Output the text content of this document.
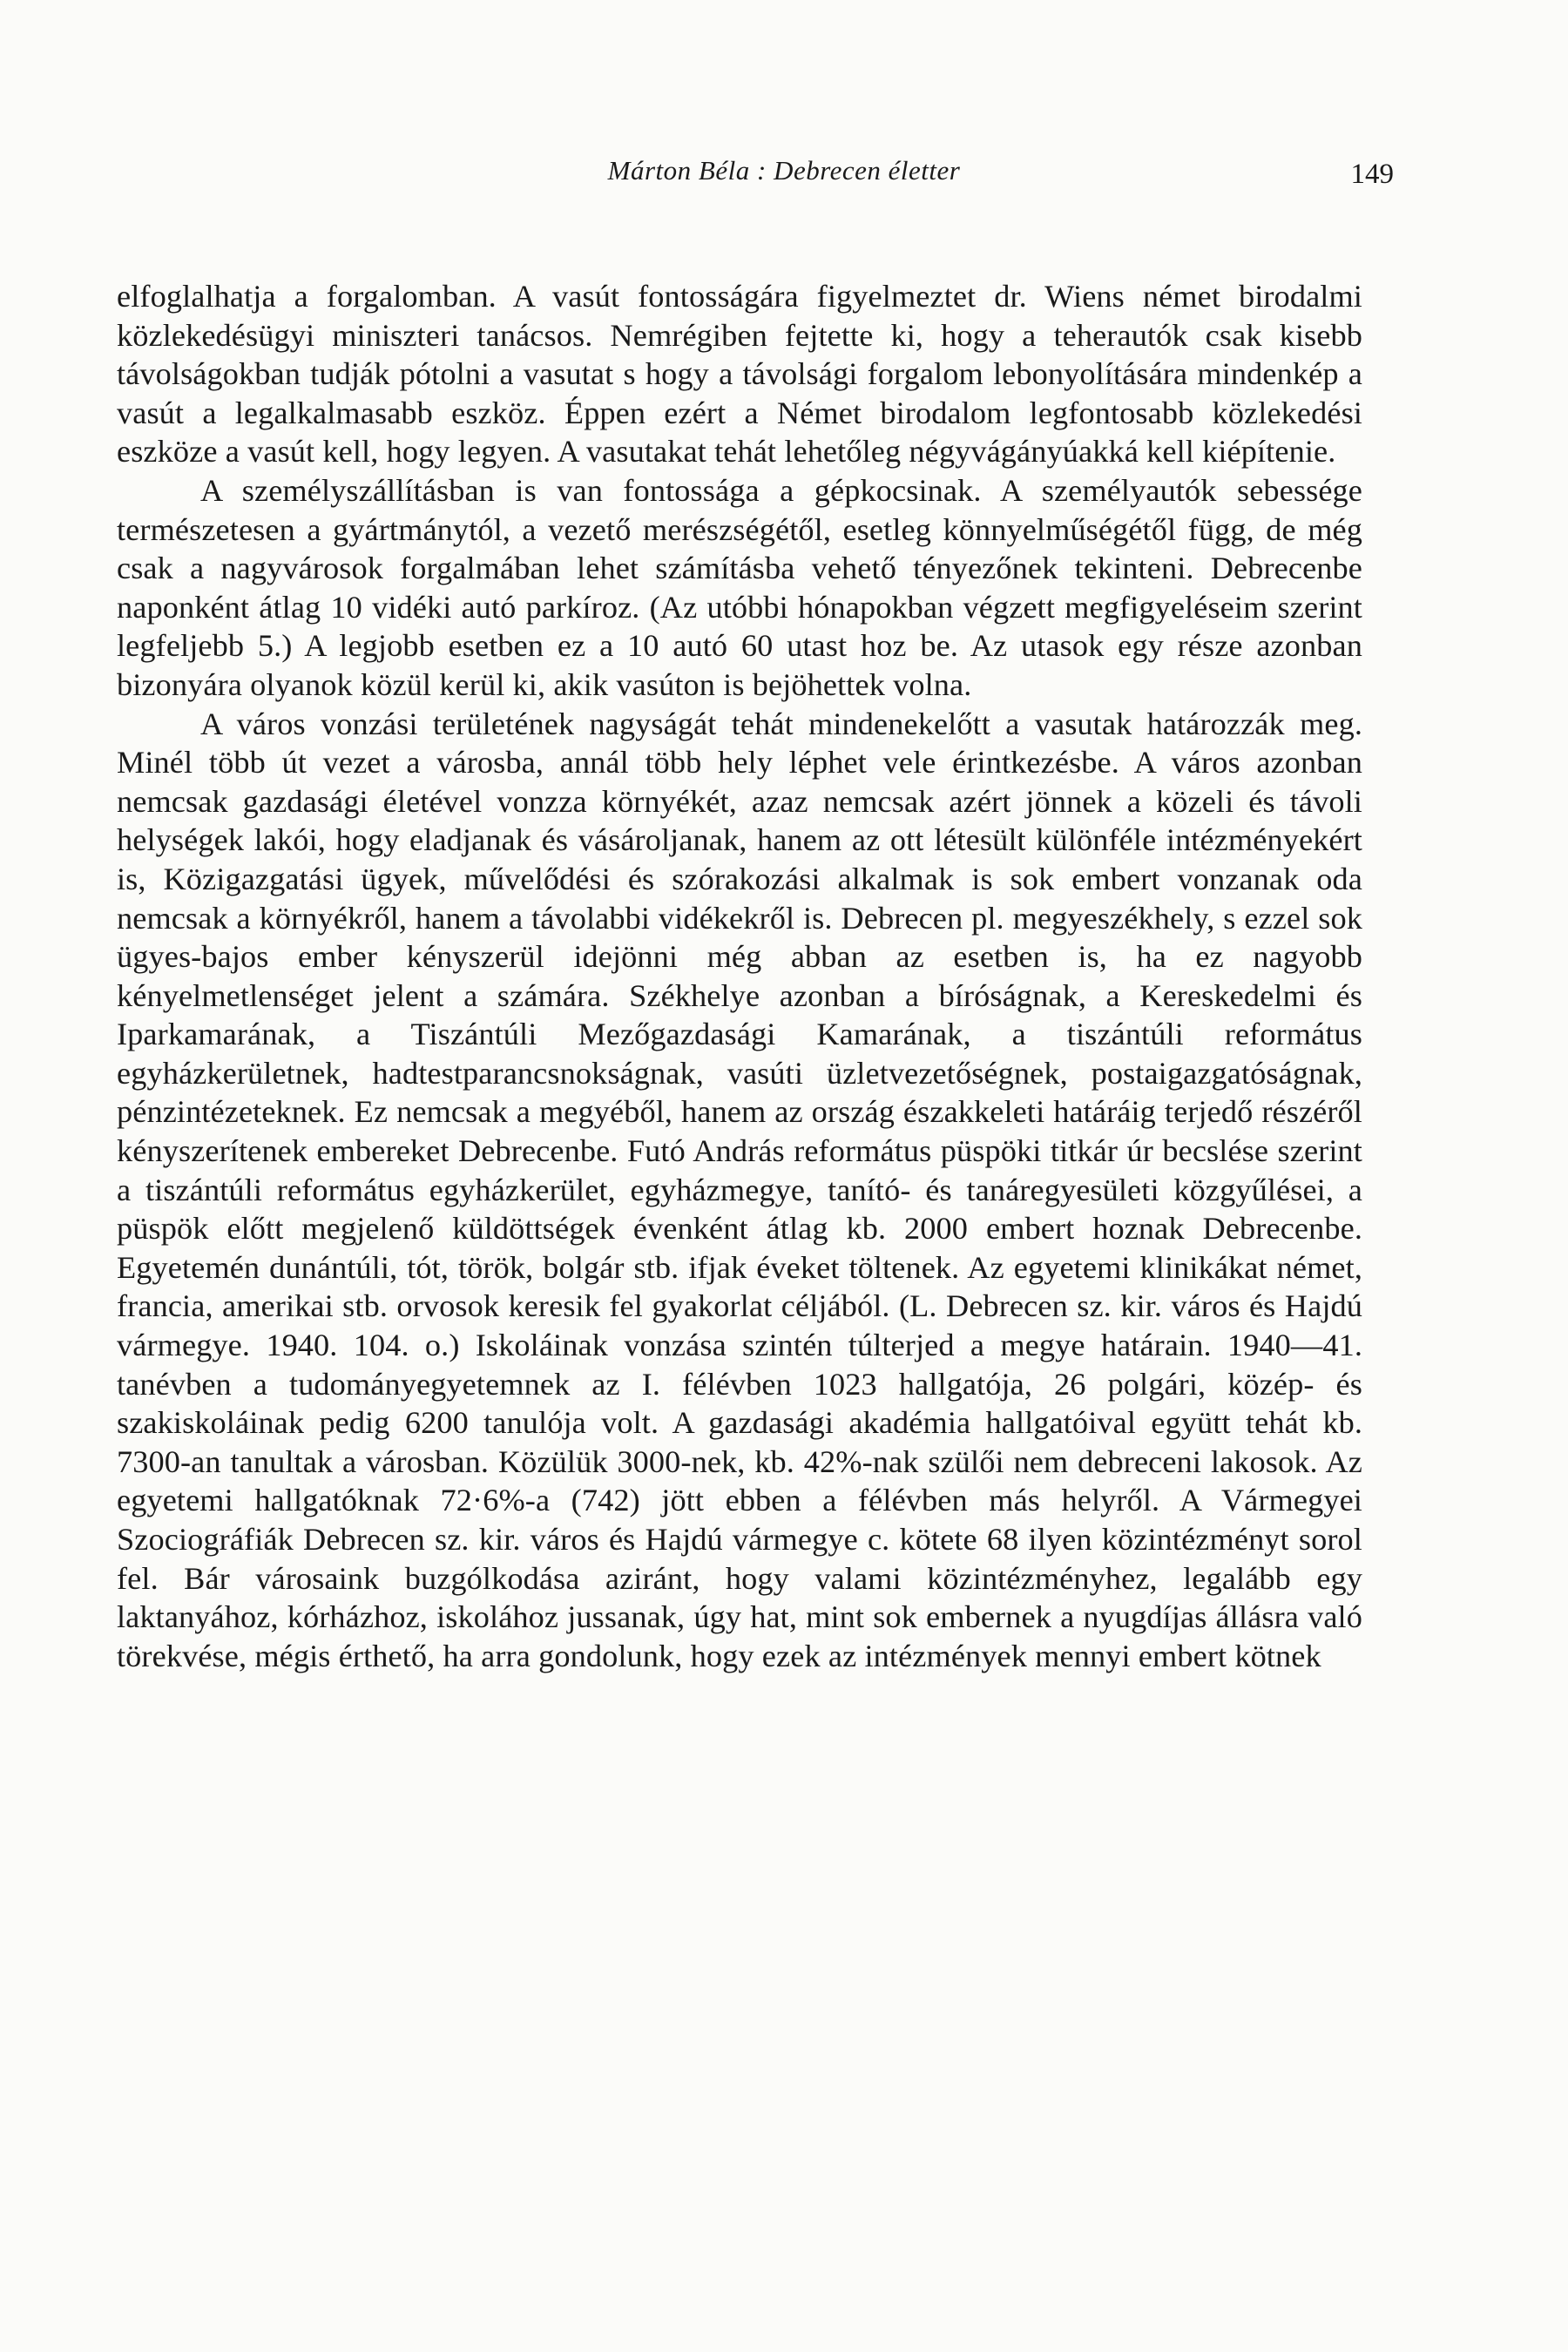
Márton Béla : Debrecen életter	149

elfoglalhatja a forgalomban. A vasút fontosságára figyelmeztet dr. Wiens német birodalmi közlekedésügyi miniszteri tanácsos. Nemrégiben fejtette ki, hogy a teherautók csak kisebb távolságokban tudják pótolni a vasutat s hogy a távolsági forgalom lebonyolítására mindenkép a vasút a legalkalmasabb eszköz. Éppen ezért a Német birodalom legfontosabb közlekedési eszköze a vasút kell, hogy legyen. A vasutakat tehát lehetőleg négyvágányúakká kell kiépítenie.

A személyszállításban is van fontossága a gépkocsinak. A személyautók sebessége természetesen a gyártmánytól, a vezető merészségétől, esetleg könnyelműségétől függ, de még csak a nagyvárosok forgalmában lehet számításba vehető tényezőnek tekinteni. Debrecenbe naponként átlag 10 vidéki autó parkíroz. (Az utóbbi hónapokban végzett megfigyeléseim szerint legfeljebb 5.) A legjobb esetben ez a 10 autó 60 utast hoz be. Az utasok egy része azonban bizonyára olyanok közül kerül ki, akik vasúton is bejöhettek volna.

A város vonzási területének nagyságát tehát mindenekelőtt a vasutak határozzák meg. Minél több út vezet a városba, annál több hely léphet vele érintkezésbe. A város azonban nemcsak gazdasági életével vonzza környékét, azaz nemcsak azért jönnek a közeli és távoli helységek lakói, hogy eladjanak és vásároljanak, hanem az ott létesült különféle intézményekért is, Közigazgatási ügyek, művelődési és szórakozási alkalmak is sok embert vonzanak oda nemcsak a környékről, hanem a távolabbi vidékekről is. Debrecen pl. megyeszékhely, s ezzel sok ügyes-bajos ember kényszerül idejönni még abban az esetben is, ha ez nagyobb kényelmetlenséget jelent a számára. Székhelye azonban a bíróságnak, a Kereskedelmi és Iparkamarának, a Tiszántúli Mezőgazdasági Kamarának, a tiszántúli református egyházkerületnek, hadtestparancsnokságnak, vasúti üzletvezetőségnek, postaigazgatóságnak, pénzintézeteknek. Ez nemcsak a megyéből, hanem az ország északkeleti határáig terjedő részéről kényszerítenek embereket Debrecenbe. Futó András református püspöki titkár úr becslése szerint a tiszántúli református egyházkerület, egyházmegye, tanító- és tanáregyesületi közgyűlései, a püspök előtt megjelenő küldöttségek évenként átlag kb. 2000 embert hoznak Debrecenbe. Egyetemén dunántúli, tót, török, bolgár stb. ifjak éveket töltenek. Az egyetemi klinikákat német, francia, amerikai stb. orvosok keresik fel gyakorlat céljából. (L. Debrecen sz. kir. város és Hajdú vármegye. 1940. 104. o.) Iskoláinak vonzása szintén túlterjed a megye határain. 1940—41. tanévben a tudományegyetemnek az I. félévben 1023 hallgatója, 26 polgári, közép- és szakiskoláinak pedig 6200 tanulója volt. A gazdasági akadémia hallgatóival együtt tehát kb. 7300-an tanultak a városban. Közülük 3000-nek, kb. 42%-nak szülői nem debreceni lakosok. Az egyetemi hallgatóknak 72·6%-a (742) jött ebben a félévben más helyről. A Vármegyei Szociográfiák Debrecen sz. kir. város és Hajdú vármegye c. kötete 68 ilyen közintézményt sorol fel. Bár városaink buzgólkodása aziránt, hogy valami közintézményhez, legalább egy laktanyához, kórházhoz, iskolához jussanak, úgy hat, mint sok embernek a nyugdíjas állásra való törekvése, mégis érthető, ha arra gondolunk, hogy ezek az intézmények mennyi embert kötnek
